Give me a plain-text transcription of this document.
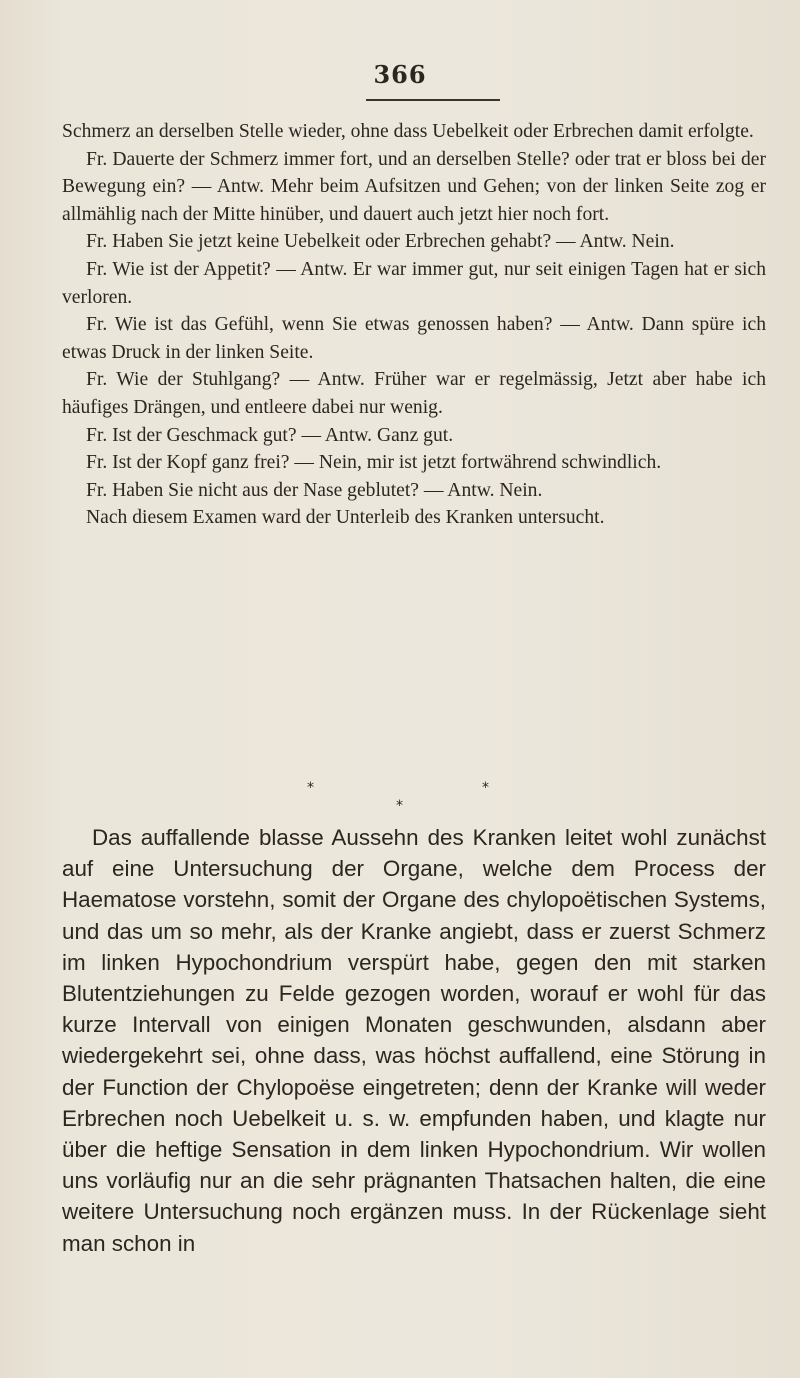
366

Schmerz an derselben Stelle wieder, ohne dass Uebelkeit oder Erbrechen damit erfolgte.

Fr. Dauerte der Schmerz immer fort, und an derselben Stelle? oder trat er bloss bei der Bewegung ein? — Antw. Mehr beim Aufsitzen und Gehen; von der linken Seite zog er allmählig nach der Mitte hinüber, und dauert auch jetzt hier noch fort.

Fr. Haben Sie jetzt keine Uebelkeit oder Erbrechen gehabt? — Antw. Nein.

Fr. Wie ist der Appetit? — Antw. Er war immer gut, nur seit einigen Tagen hat er sich verloren.

Fr. Wie ist das Gefühl, wenn Sie etwas genossen haben? — Antw. Dann spüre ich etwas Druck in der linken Seite.

Fr. Wie der Stuhlgang? — Antw. Früher war er regelmässig, Jetzt aber habe ich häufiges Drängen, und entleere dabei nur wenig.

Fr. Ist der Geschmack gut? — Antw. Ganz gut.

Fr. Ist der Kopf ganz frei? — Nein, mir ist jetzt fortwährend schwindlich.

Fr. Haben Sie nicht aus der Nase geblutet? — Antw. Nein.

Nach diesem Examen ward der Unterleib des Kranken untersucht.

*	*
*

Das auffallende blasse Aussehn des Kranken leitet wohl zunächst auf eine Untersuchung der Organe, welche dem Process der Haematose vorstehn, somit der Organe des chylopoëtischen Systems, und das um so mehr, als der Kranke angiebt, dass er zuerst Schmerz im linken Hypochondrium verspürt habe, gegen den mit starken Blutentziehungen zu Felde gezogen worden, worauf er wohl für das kurze Intervall von einigen Monaten geschwunden, alsdann aber wiedergekehrt sei, ohne dass, was höchst auffallend, eine Störung in der Function der Chylopoëse eingetreten; denn der Kranke will weder Erbrechen noch Uebelkeit u. s. w. empfunden haben, und klagte nur über die heftige Sensation in dem linken Hypochondrium. Wir wollen uns vorläufig nur an die sehr prägnanten Thatsachen halten, die eine weitere Untersuchung noch ergänzen muss. In der Rückenlage sieht man schon in
